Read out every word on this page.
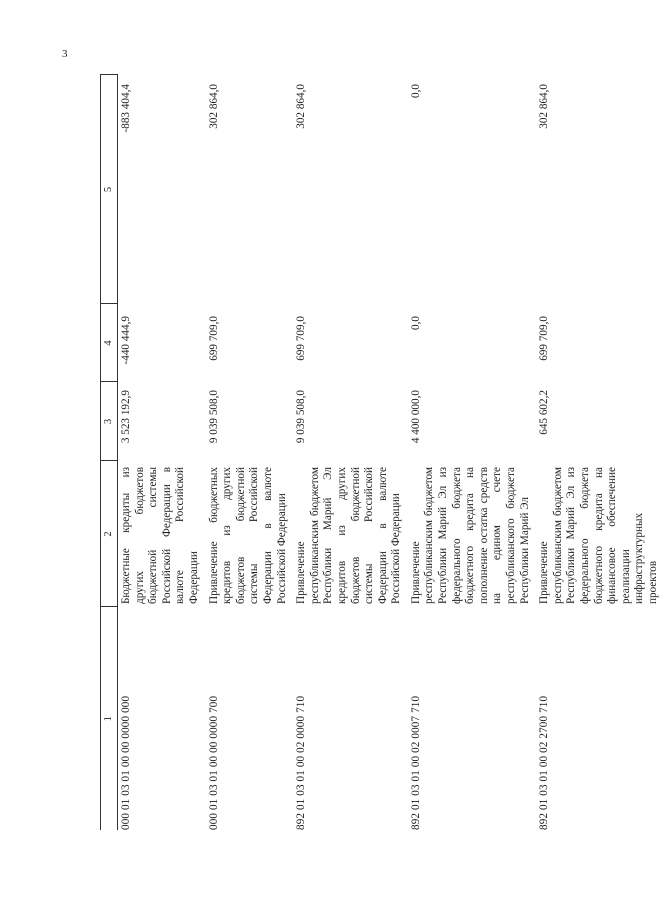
3
1	2	3	4	5
000 01 03 01 00 00 0000 000	Бюджетные кредиты из других бюджетов бюджетной системы Российской Федерации в валюте Российской Федерации	3 523 192,9	-440 444,9	-883 404,4
000 01 03 01 00 00 0000 700	Привлечение бюджетных кредитов из других бюджетов бюджетной системы Российской Федерации в валюте Российской Федерации	9 039 508,0	699 709,0	302 864,0
892 01 03 01 00 02 0000 710	Привлечение республиканским бюджетом Республики Марий Эл кредитов из других бюджетов бюджетной системы Российской Федерации в валюте Российской Федерации	9 039 508,0	699 709,0	302 864,0
892 01 03 01 00 02 0007 710	Привлечение республиканским бюджетом Республики Марий Эл из федерального бюджета бюджетного кредита на пополнение остатка средств на едином счете республиканского бюджета Республики Марий Эл	4 400 000,0	0,0	0,0
892 01 03 01 00 02 2700 710	Привлечение республиканским бюджетом Республики Марий Эл из федерального бюджета бюджетного кредита на финансовое обеспечение реализации инфраструктурных проектов	645 602,2	699 709,0	302 864,0
